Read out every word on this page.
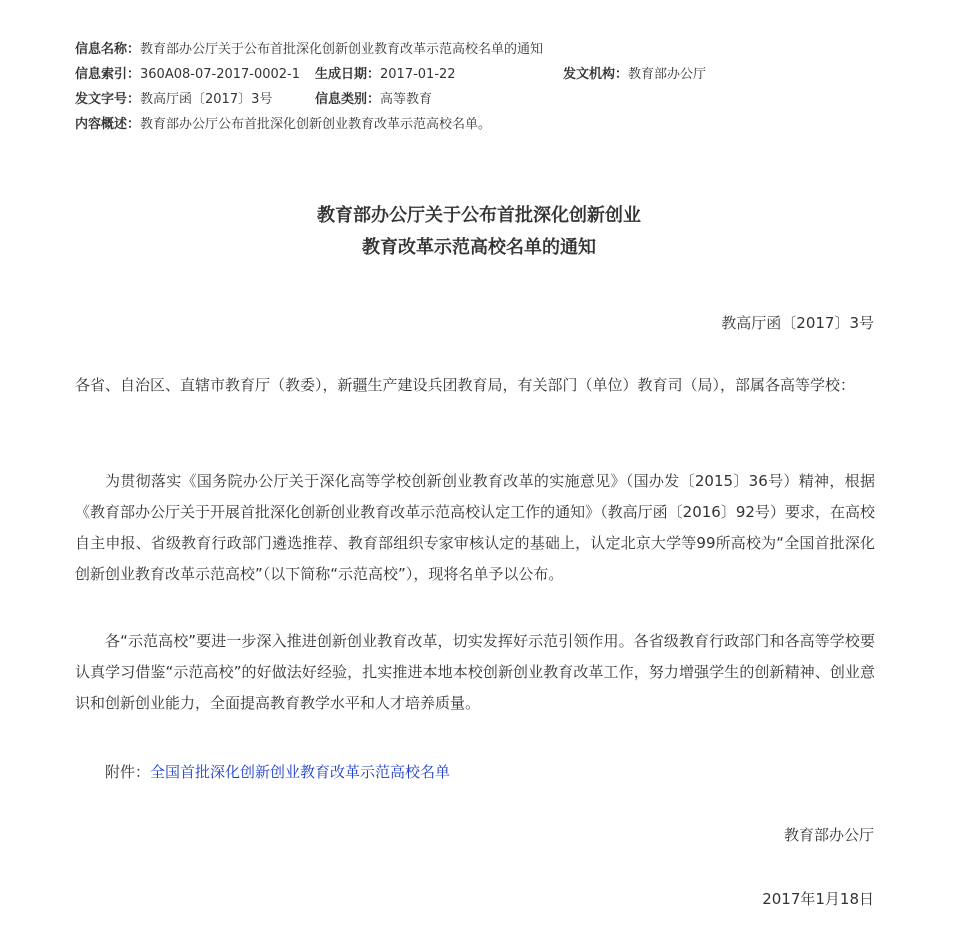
信息名称：教育部办公厅关于公布首批深化创新创业教育改革示范高校名单的通知
信息索引：360A08-07-2017-0002-1 生成日期：2017-01-22	发文机构：教育部办公厅
发文字号：教高厅函〔2017〕3号	信息类别：高等教育
内容概述：教育部办公厅公布首批深化创新创业教育改革示范高校名单。
教育部办公厅关于公布首批深化创新创业
教育改革示范高校名单的通知
教高厅函〔2017〕3号

各省、自治区、直辖市教育厅（教委），新疆生产建设兵团教育局，有关部门（单位）教育司（局），部属各高等学校：

为贯彻落实《国务院办公厅关于深化高等学校创新创业教育改革的实施意见》（国办发〔2015〕36号）精神，根据《教育部办公厅关于开展首批深化创新创业教育改革示范高校认定工作的通知》（教高厅函〔2016〕92号）要求，在高校自主申报、省级教育行政部门遴选推荐、教育部组织专家审核认定的基础上，认定北京大学等99所高校为“全国首批深化创新创业教育改革示范高校”（以下简称“示范高校”），现将名单予以公布。

各“示范高校”要进一步深入推进创新创业教育改革，切实发挥好示范引领作用。各省级教育行政部门和各高等学校要认真学习借鉴“示范高校”的好做法好经验，扎实推进本地本校创新创业教育改革工作，努力增强学生的创新精神、创业意识和创新创业能力，全面提高教育教学水平和人才培养质量。

附件：全国首批深化创新创业教育改革示范高校名单
教育部办公厅
2017年1月18日
